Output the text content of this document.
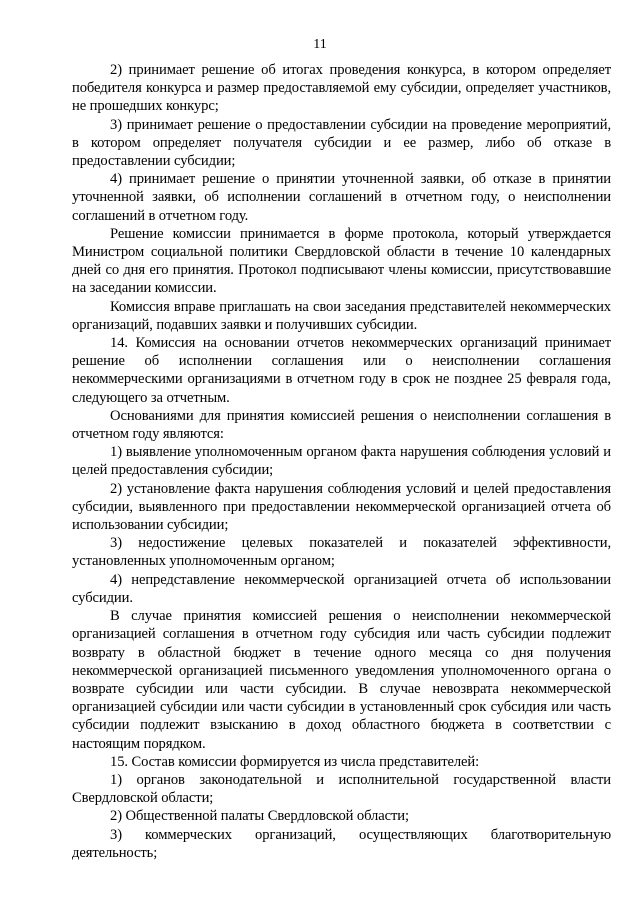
11

2) принимает решение об итогах проведения конкурса, в котором определяет победителя конкурса и размер предоставляемой ему субсидии, определяет участников, не прошедших конкурс;

3) принимает решение о предоставлении субсидии на проведение мероприятий, в котором определяет получателя субсидии и ее размер, либо об отказе в предоставлении субсидии;

4) принимает решение о принятии уточненной заявки, об отказе в принятии уточненной заявки, об исполнении соглашений в отчетном году, о неисполнении соглашений в отчетном году.

Решение комиссии принимается в форме протокола, который утверждается Министром социальной политики Свердловской области в течение 10 календарных дней со дня его принятия. Протокол подписывают члены комиссии, присутствовавшие на заседании комиссии.

Комиссия вправе приглашать на свои заседания представителей некоммерческих организаций, подавших заявки и получивших субсидии.

14. Комиссия на основании отчетов некоммерческих организаций принимает решение об исполнении соглашения или о неисполнении соглашения некоммерческими организациями в отчетном году в срок не позднее 25 февраля года, следующего за отчетным.

Основаниями для принятия комиссией решения о неисполнении соглашения в отчетном году являются:

1) выявление уполномоченным органом факта нарушения соблюдения условий и целей предоставления субсидии;

2) установление факта нарушения соблюдения условий и целей предоставления субсидии, выявленного при предоставлении некоммерческой организацией отчета об использовании субсидии;

3) недостижение целевых показателей и показателей эффективности, установленных уполномоченным органом;

4) непредставление некоммерческой организацией отчета об использовании субсидии.

В случае принятия комиссией решения о неисполнении некоммерческой организацией соглашения в отчетном году субсидия или часть субсидии подлежит возврату в областной бюджет в течение одного месяца со дня получения некоммерческой организацией письменного уведомления уполномоченного органа о возврате субсидии или части субсидии. В случае невозврата некоммерческой организацией субсидии или части субсидии в установленный срок субсидия или часть субсидии подлежит взысканию в доход областного бюджета в соответствии с настоящим порядком.

15. Состав комиссии формируется из числа представителей:

1) органов законодательной и исполнительной государственной власти Свердловской области;

2) Общественной палаты Свердловской области;

3) коммерческих организаций, осуществляющих благотворительную деятельность;
